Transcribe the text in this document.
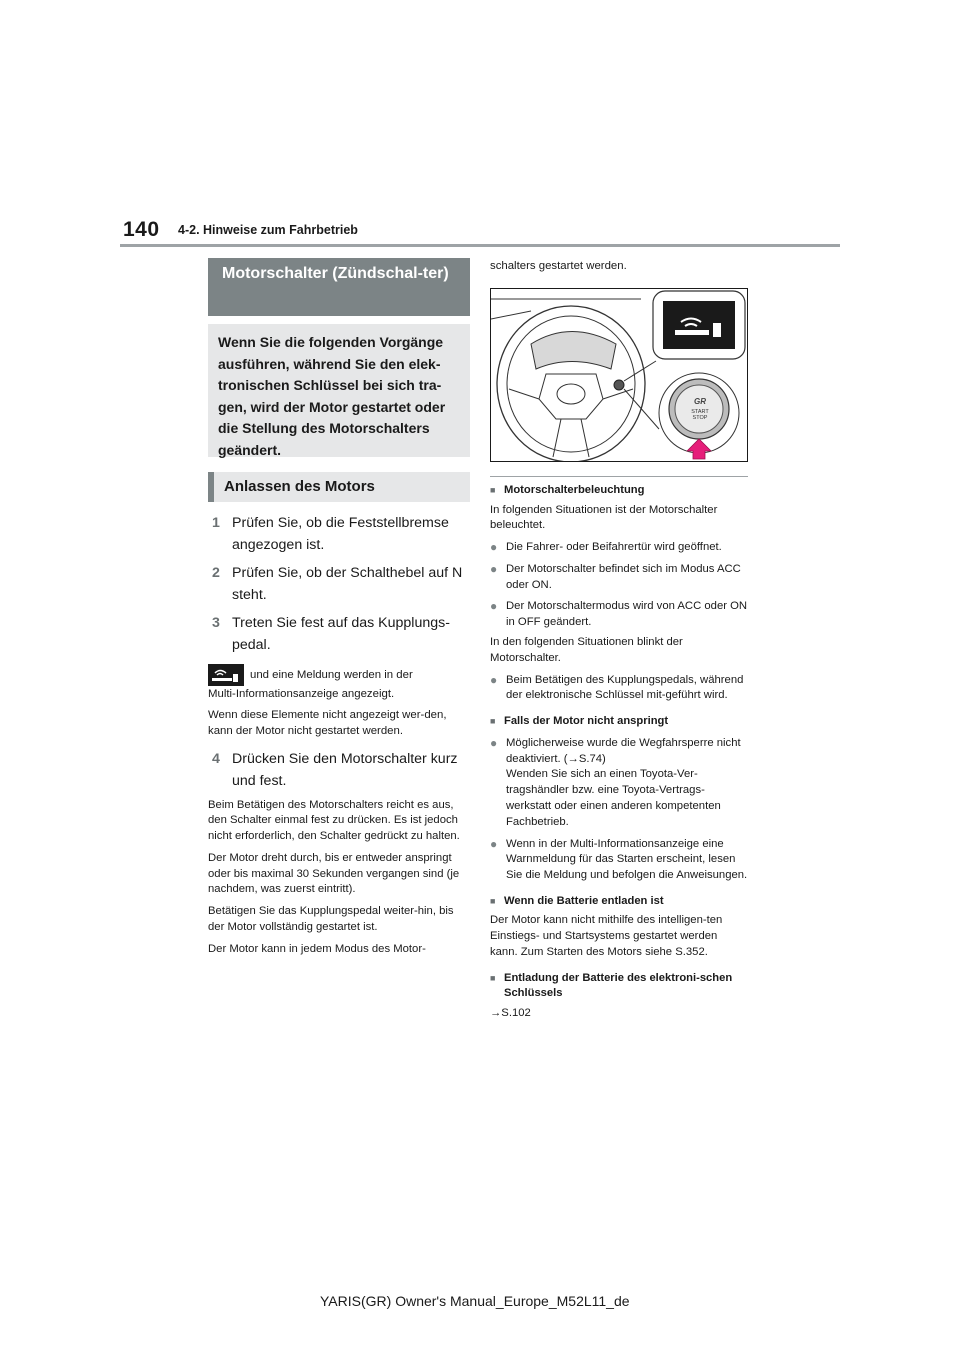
140 4-2. Hinweise zum Fahrbetrieb
Motorschalter (Zündschal-ter)
Wenn Sie die folgenden Vorgänge ausführen, während Sie den elek-tronischen Schlüssel bei sich tra-gen, wird der Motor gestartet oder die Stellung des Motorschalters geändert.
Anlassen des Motors
1 Prüfen Sie, ob die Feststellbremse angezogen ist.
2 Prüfen Sie, ob der Schalthebel auf N steht.
3 Treten Sie fest auf das Kupplungs-pedal.
und eine Meldung werden in der
Multi-Informationsanzeige angezeigt.
Wenn diese Elemente nicht angezeigt wer-den, kann der Motor nicht gestartet werden.
4 Drücken Sie den Motorschalter kurz und fest.
Beim Betätigen des Motorschalters reicht es aus, den Schalter einmal fest zu drücken. Es ist jedoch nicht erforderlich, den Schalter gedrückt zu halten.
Der Motor dreht durch, bis er entweder anspringt oder bis maximal 30 Sekunden vergangen sind (je nachdem, was zuerst eintritt).
Betätigen Sie das Kupplungspedal weiter-hin, bis der Motor vollständig gestartet ist.
Der Motor kann in jedem Modus des Motor-
schalters gestartet werden.
GR
START
STOP
■ Motorschalterbeleuchtung
In folgenden Situationen ist der Motorschalter beleuchtet.
● Die Fahrer- oder Beifahrertür wird geöffnet.
● Der Motorschalter befindet sich im Modus ACC oder ON.
● Der Motorschaltermodus wird von ACC oder ON in OFF geändert.
In den folgenden Situationen blinkt der Motorschalter.
● Beim Betätigen des Kupplungspedals, während der elektronische Schlüssel mit-geführt wird.
■ Falls der Motor nicht anspringt
● Möglicherweise wurde die Wegfahrsperre nicht deaktiviert. (→S.74)
Wenden Sie sich an einen Toyota-Ver-tragshändler bzw. eine Toyota-Vertrags-werkstatt oder einen anderen kompetenten Fachbetrieb.
● Wenn in der Multi-Informationsanzeige eine Warnmeldung für das Starten erscheint, lesen Sie die Meldung und befolgen die Anweisungen.
■ Wenn die Batterie entladen ist
Der Motor kann nicht mithilfe des intelligen-ten Einstiegs- und Startsystems gestartet werden kann. Zum Starten des Motors siehe S.352.
■ Entladung der Batterie des elektroni-schen Schlüssels
→S.102
YARIS(GR) Owner's Manual_Europe_M52L11_de
